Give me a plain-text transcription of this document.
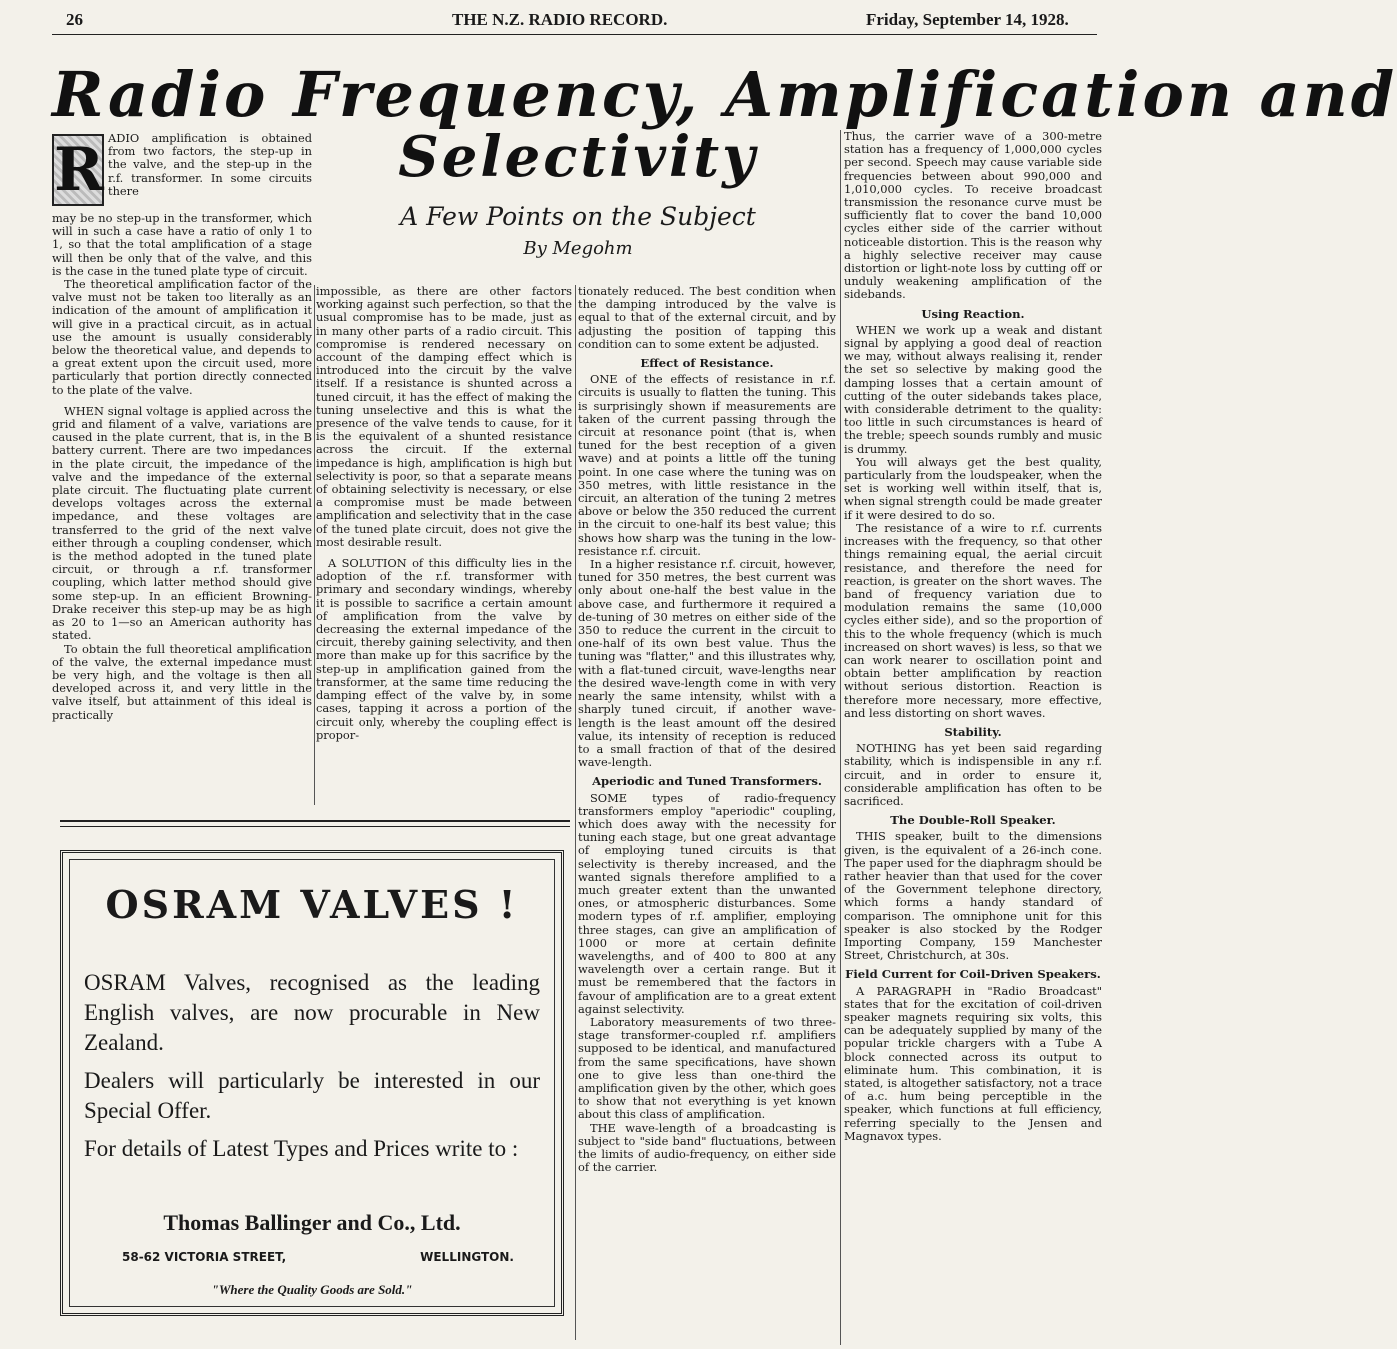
26	THE N.Z. RADIO RECORD.	Friday, September 14, 1928.
Radio Frequency, Amplification and
Selectivity
A Few Points on the Subject
By Megohm
R ADIO amplification is obtained from two factors, the step-up in the valve, and the step-up in the r.f. transformer. In some circuits there

may be no step-up in the transformer, which will in such a case have a ratio of only 1 to 1, so that the total amplification of a stage will then be only that of the valve, and this is the case in the tuned plate type of circuit.

The theoretical amplification factor of the valve must not be taken too literally as an indication of the amount of amplification it will give in a practical circuit, as in actual use the amount is usually considerably below the theoretical value, and depends to a great extent upon the circuit used, more particularly that portion directly connected to the plate of the valve.

WHEN signal voltage is applied across the grid and filament of a valve, variations are caused in the plate current, that is, in the B battery current. There are two impedances in the plate circuit, the impedance of the valve and the impedance of the external plate circuit. The fluctuating plate current develops voltages across the external impedance, and these voltages are transferred to the grid of the next valve either through a coupling condenser, which is the method adopted in the tuned plate circuit, or through a r.f. transformer coupling, which latter method should give some step-up. In an efficient Browning-Drake receiver this step-up may be as high as 20 to 1—so an American authority has stated.

To obtain the full theoretical amplification of the valve, the external impedance must be very high, and the voltage is then all developed across it, and very little in the valve itself, but attainment of this ideal is practically

impossible, as there are other factors working against such perfection, so that the usual compromise has to be made, just as in many other parts of a radio circuit. This compromise is rendered necessary on account of the damping effect which is introduced into the circuit by the valve itself. If a resistance is shunted across a tuned circuit, it has the effect of making the tuning unselective and this is what the presence of the valve tends to cause, for it is the equivalent of a shunted resistance across the circuit. If the external impedance is high, amplification is high but selectivity is poor, so that a separate means of obtaining selectivity is necessary, or else a compromise must be made between amplification and selectivity that in the case of the tuned plate circuit, does not give the most desirable result.

A SOLUTION of this difficulty lies in the adoption of the r.f. transformer with primary and secondary windings, whereby it is possible to sacrifice a certain amount of amplification from the valve by decreasing the external impedance of the circuit, thereby gaining selectivity, and then more than make up for this sacrifice by the step-up in amplification gained from the transformer, at the same time reducing the damping effect of the valve by, in some cases, tapping it across a portion of the circuit only, whereby the coupling effect is propor-

tionately reduced. The best condition when the damping introduced by the valve is equal to that of the external circuit, and by adjusting the position of tapping this condition can to some extent be adjusted.

Effect of Resistance.

ONE of the effects of resistance in r.f. circuits is usually to flatten the tuning. This is surprisingly shown if measurements are taken of the current passing through the circuit at resonance point (that is, when tuned for the best reception of a given wave) and at points a little off the tuning point. In one case where the tuning was on 350 metres, with little resistance in the circuit, an alteration of the tuning 2 metres above or below the 350 reduced the current in the circuit to one-half its best value; this shows how sharp was the tuning in the low-resistance r.f. circuit.

In a higher resistance r.f. circuit, however, tuned for 350 metres, the best current was only about one-half the best value in the above case, and furthermore it required a de-tuning of 30 metres on either side of the 350 to reduce the current in the circuit to one-half of its own best value. Thus the tuning was "flatter," and this illustrates why, with a flat-tuned circuit, wave-lengths near the desired wave-length come in with very nearly the same intensity, whilst with a sharply tuned circuit, if another wave-length is the least amount off the desired value, its intensity of reception is reduced to a small fraction of that of the desired wave-length.

Aperiodic and Tuned Transformers.

SOME types of radio-frequency transformers employ "aperiodic" coupling, which does away with the necessity for tuning each stage, but one great advantage of employing tuned circuits is that selectivity is thereby increased, and the wanted signals therefore amplified to a much greater extent than the unwanted ones, or atmospheric disturbances. Some modern types of r.f. amplifier, employing three stages, can give an amplification of 1000 or more at certain definite wavelengths, and of 400 to 800 at any wavelength over a certain range. But it must be remembered that the factors in favour of amplification are to a great extent against selectivity.

Laboratory measurements of two three-stage transformer-coupled r.f. amplifiers supposed to be identical, and manufactured from the same specifications, have shown one to give less than one-third the amplification given by the other, which goes to show that not everything is yet known about this class of amplification.

THE wave-length of a broadcasting is subject to "side band" fluctuations, between the limits of audio-frequency, on either side of the carrier.

Thus, the carrier wave of a 300-metre station has a frequency of 1,000,000 cycles per second. Speech may cause variable side frequencies between about 990,000 and 1,010,000 cycles. To receive broadcast transmission the resonance curve must be sufficiently flat to cover the band 10,000 cycles either side of the carrier without noticeable distortion. This is the reason why a highly selective receiver may cause distortion or light-note loss by cutting off or unduly weakening amplification of the sidebands.

Using Reaction.

WHEN we work up a weak and distant signal by applying a good deal of reaction we may, without always realising it, render the set so selective by making good the damping losses that a certain amount of cutting of the outer sidebands takes place, with considerable detriment to the quality: too little in such circumstances is heard of the treble; speech sounds rumbly and music is drummy.

You will always get the best quality, particularly from the loudspeaker, when the set is working well within itself, that is, when signal strength could be made greater if it were desired to do so.

The resistance of a wire to r.f. currents increases with the frequency, so that other things remaining equal, the aerial circuit resistance, and therefore the need for reaction, is greater on the short waves. The band of frequency variation due to modulation remains the same (10,000 cycles either side), and so the proportion of this to the whole frequency (which is much increased on short waves) is less, so that we can work nearer to oscillation point and obtain better amplification by reaction without serious distortion. Reaction is therefore more necessary, more effective, and less distorting on short waves.

Stability.

NOTHING has yet been said regarding stability, which is indispensible in any r.f. circuit, and in order to ensure it, considerable amplification has often to be sacrificed.

The Double-Roll Speaker.

THIS speaker, built to the dimensions given, is the equivalent of a 26-inch cone. The paper used for the diaphragm should be rather heavier than that used for the cover of the Government telephone directory, which forms a handy standard of comparison. The omniphone unit for this speaker is also stocked by the Rodger Importing Company, 159 Manchester Street, Christchurch, at 30s.

Field Current for Coil-Driven Speakers.

A PARAGRAPH in "Radio Broadcast" states that for the excitation of coil-driven speaker magnets requiring six volts, this can be adequately supplied by many of the popular trickle chargers with a Tube A block connected across its output to eliminate hum. This combination, it is stated, is altogether satisfactory, not a trace of a.c. hum being perceptible in the speaker, which functions at full efficiency, referring specially to the Jensen and Magnavox types.

OSRAM VALVES !
OSRAM Valves, recognised as the leading English valves, are now procurable in New Zealand.
Dealers will particularly be interested in our Special Offer.
For details of Latest Types and Prices write to :
Thomas Ballinger and Co., Ltd.
58-62 VICTORIA STREET,	WELLINGTON.
"Where the Quality Goods are Sold."
